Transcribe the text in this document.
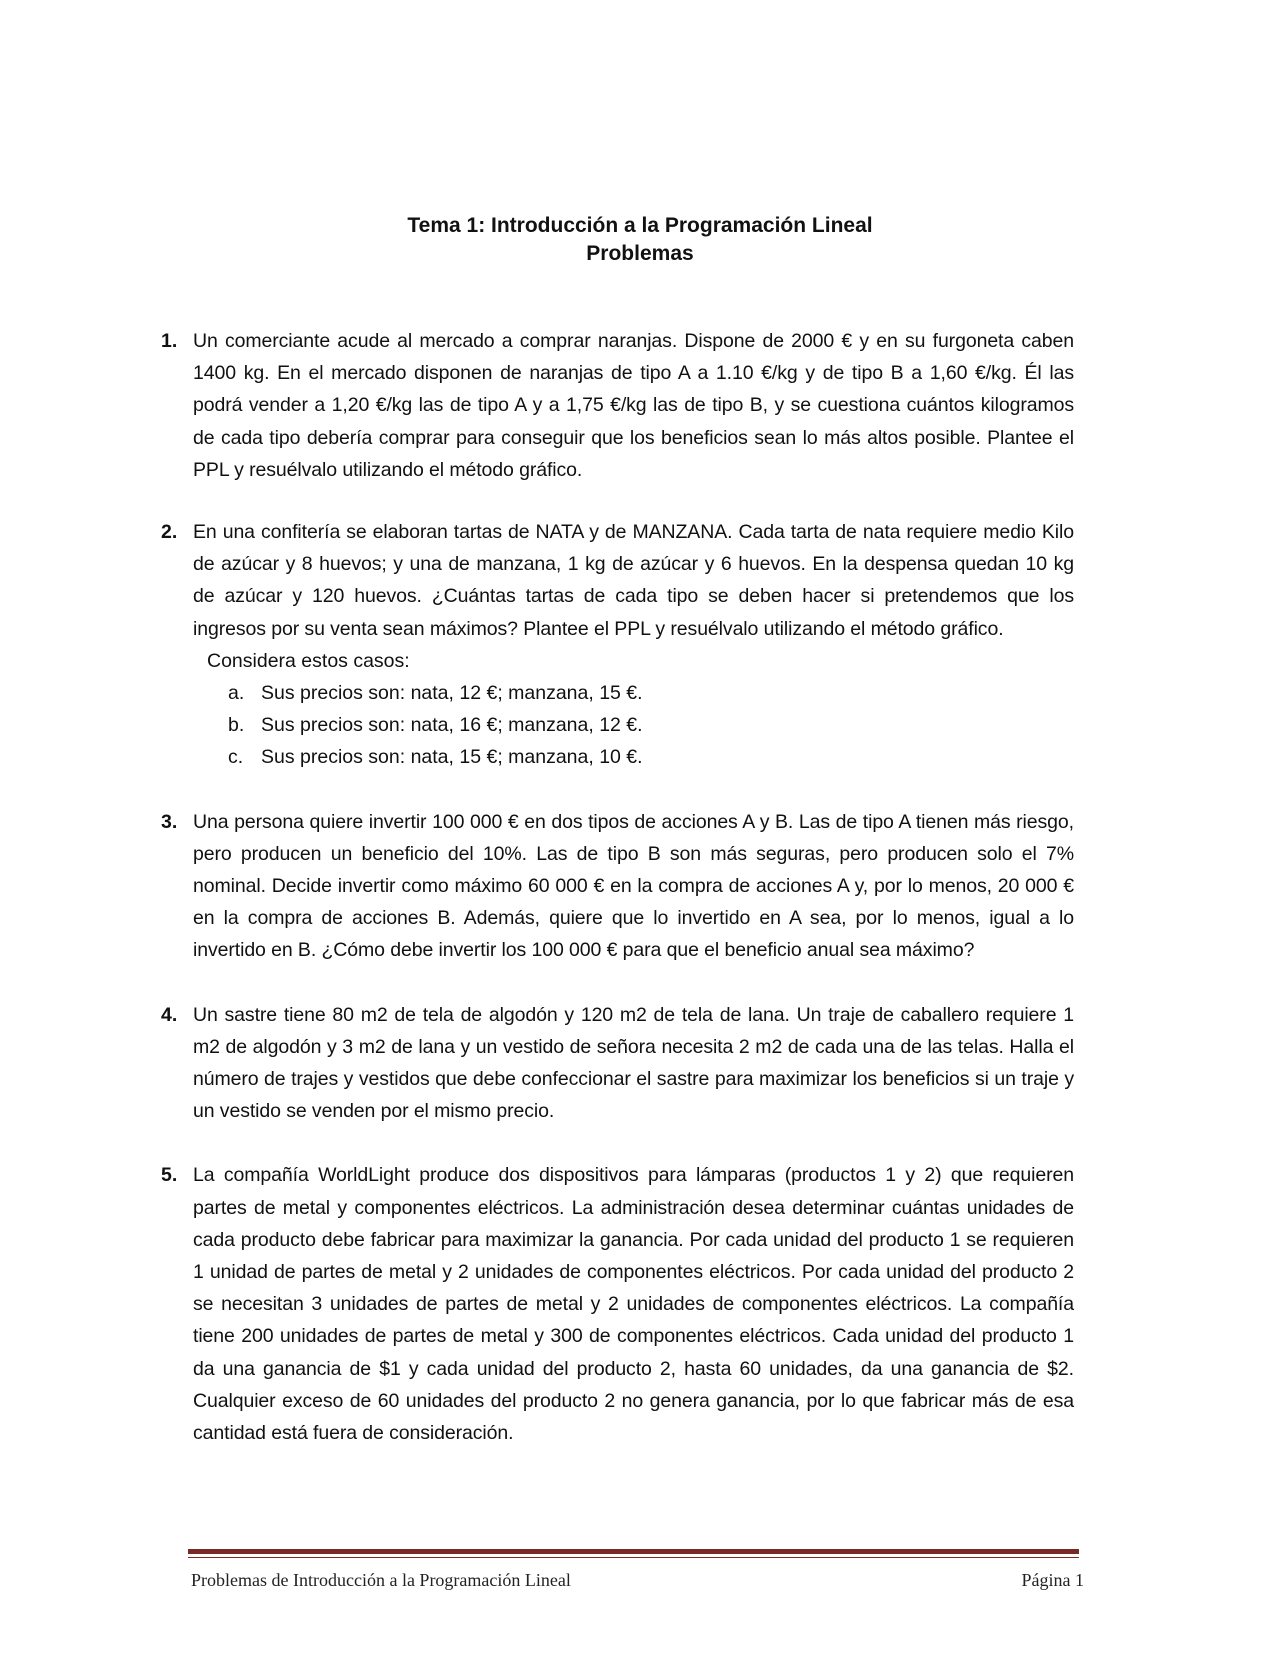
Tema 1: Introducción a la Programación Lineal
Problemas
1. Un comerciante acude al mercado a comprar naranjas. Dispone de 2000 € y en su furgoneta caben 1400 kg. En el mercado disponen de naranjas de tipo A a 1.10 €/kg y de tipo B a 1,60 €/kg. Él las podrá vender a 1,20 €/kg las de tipo A y a 1,75 €/kg las de tipo B, y se cuestiona cuántos kilogramos de cada tipo debería comprar para conseguir que los beneficios sean lo más altos posible. Plantee el PPL y resuélvalo utilizando el método gráfico.

2. En una confitería se elaboran tartas de NATA y de MANZANA. Cada tarta de nata requiere medio Kilo de azúcar y 8 huevos; y una de manzana, 1 kg de azúcar y 6 huevos. En la despensa quedan 10 kg de azúcar y 120 huevos. ¿Cuántas tartas de cada tipo se deben hacer si pretendemos que los ingresos por su venta sean máximos? Plantee el PPL y resuélvalo utilizando el método gráfico.

Considera estos casos:

a. Sus precios son: nata, 12 €; manzana, 15 €.
b. Sus precios son: nata, 16 €; manzana, 12 €.
c. Sus precios son: nata, 15 €; manzana, 10 €.
3. Una persona quiere invertir 100 000 € en dos tipos de acciones A y B. Las de tipo A tienen más riesgo, pero producen un beneficio del 10%. Las de tipo B son más seguras, pero producen solo el 7% nominal. Decide invertir como máximo 60 000 € en la compra de acciones A y, por lo menos, 20 000 € en la compra de acciones B. Además, quiere que lo invertido en A sea, por lo menos, igual a lo invertido en B. ¿Cómo debe invertir los 100 000 € para que el beneficio anual sea máximo?

4. Un sastre tiene 80 m2 de tela de algodón y 120 m2 de tela de lana. Un traje de caballero requiere 1 m2 de algodón y 3 m2 de lana y un vestido de señora necesita 2 m2 de cada una de las telas. Halla el número de trajes y vestidos que debe confeccionar el sastre para maximizar los beneficios si un traje y un vestido se venden por el mismo precio.

5. La compañía WorldLight produce dos dispositivos para lámparas (productos 1 y 2) que requieren partes de metal y componentes eléctricos. La administración desea determinar cuántas unidades de cada producto debe fabricar para maximizar la ganancia. Por cada unidad del producto 1 se requieren 1 unidad de partes de metal y 2 unidades de componentes eléctricos. Por cada unidad del producto 2 se necesitan 3 unidades de partes de metal y 2 unidades de componentes eléctricos. La compañía tiene 200 unidades de partes de metal y 300 de componentes eléctricos. Cada unidad del producto 1 da una ganancia de $1 y cada unidad del producto 2, hasta 60 unidades, da una ganancia de $2. Cualquier exceso de 60 unidades del producto 2 no genera ganancia, por lo que fabricar más de esa cantidad está fuera de consideración.

Problemas de Introducción a la Programación Lineal	Página 1
